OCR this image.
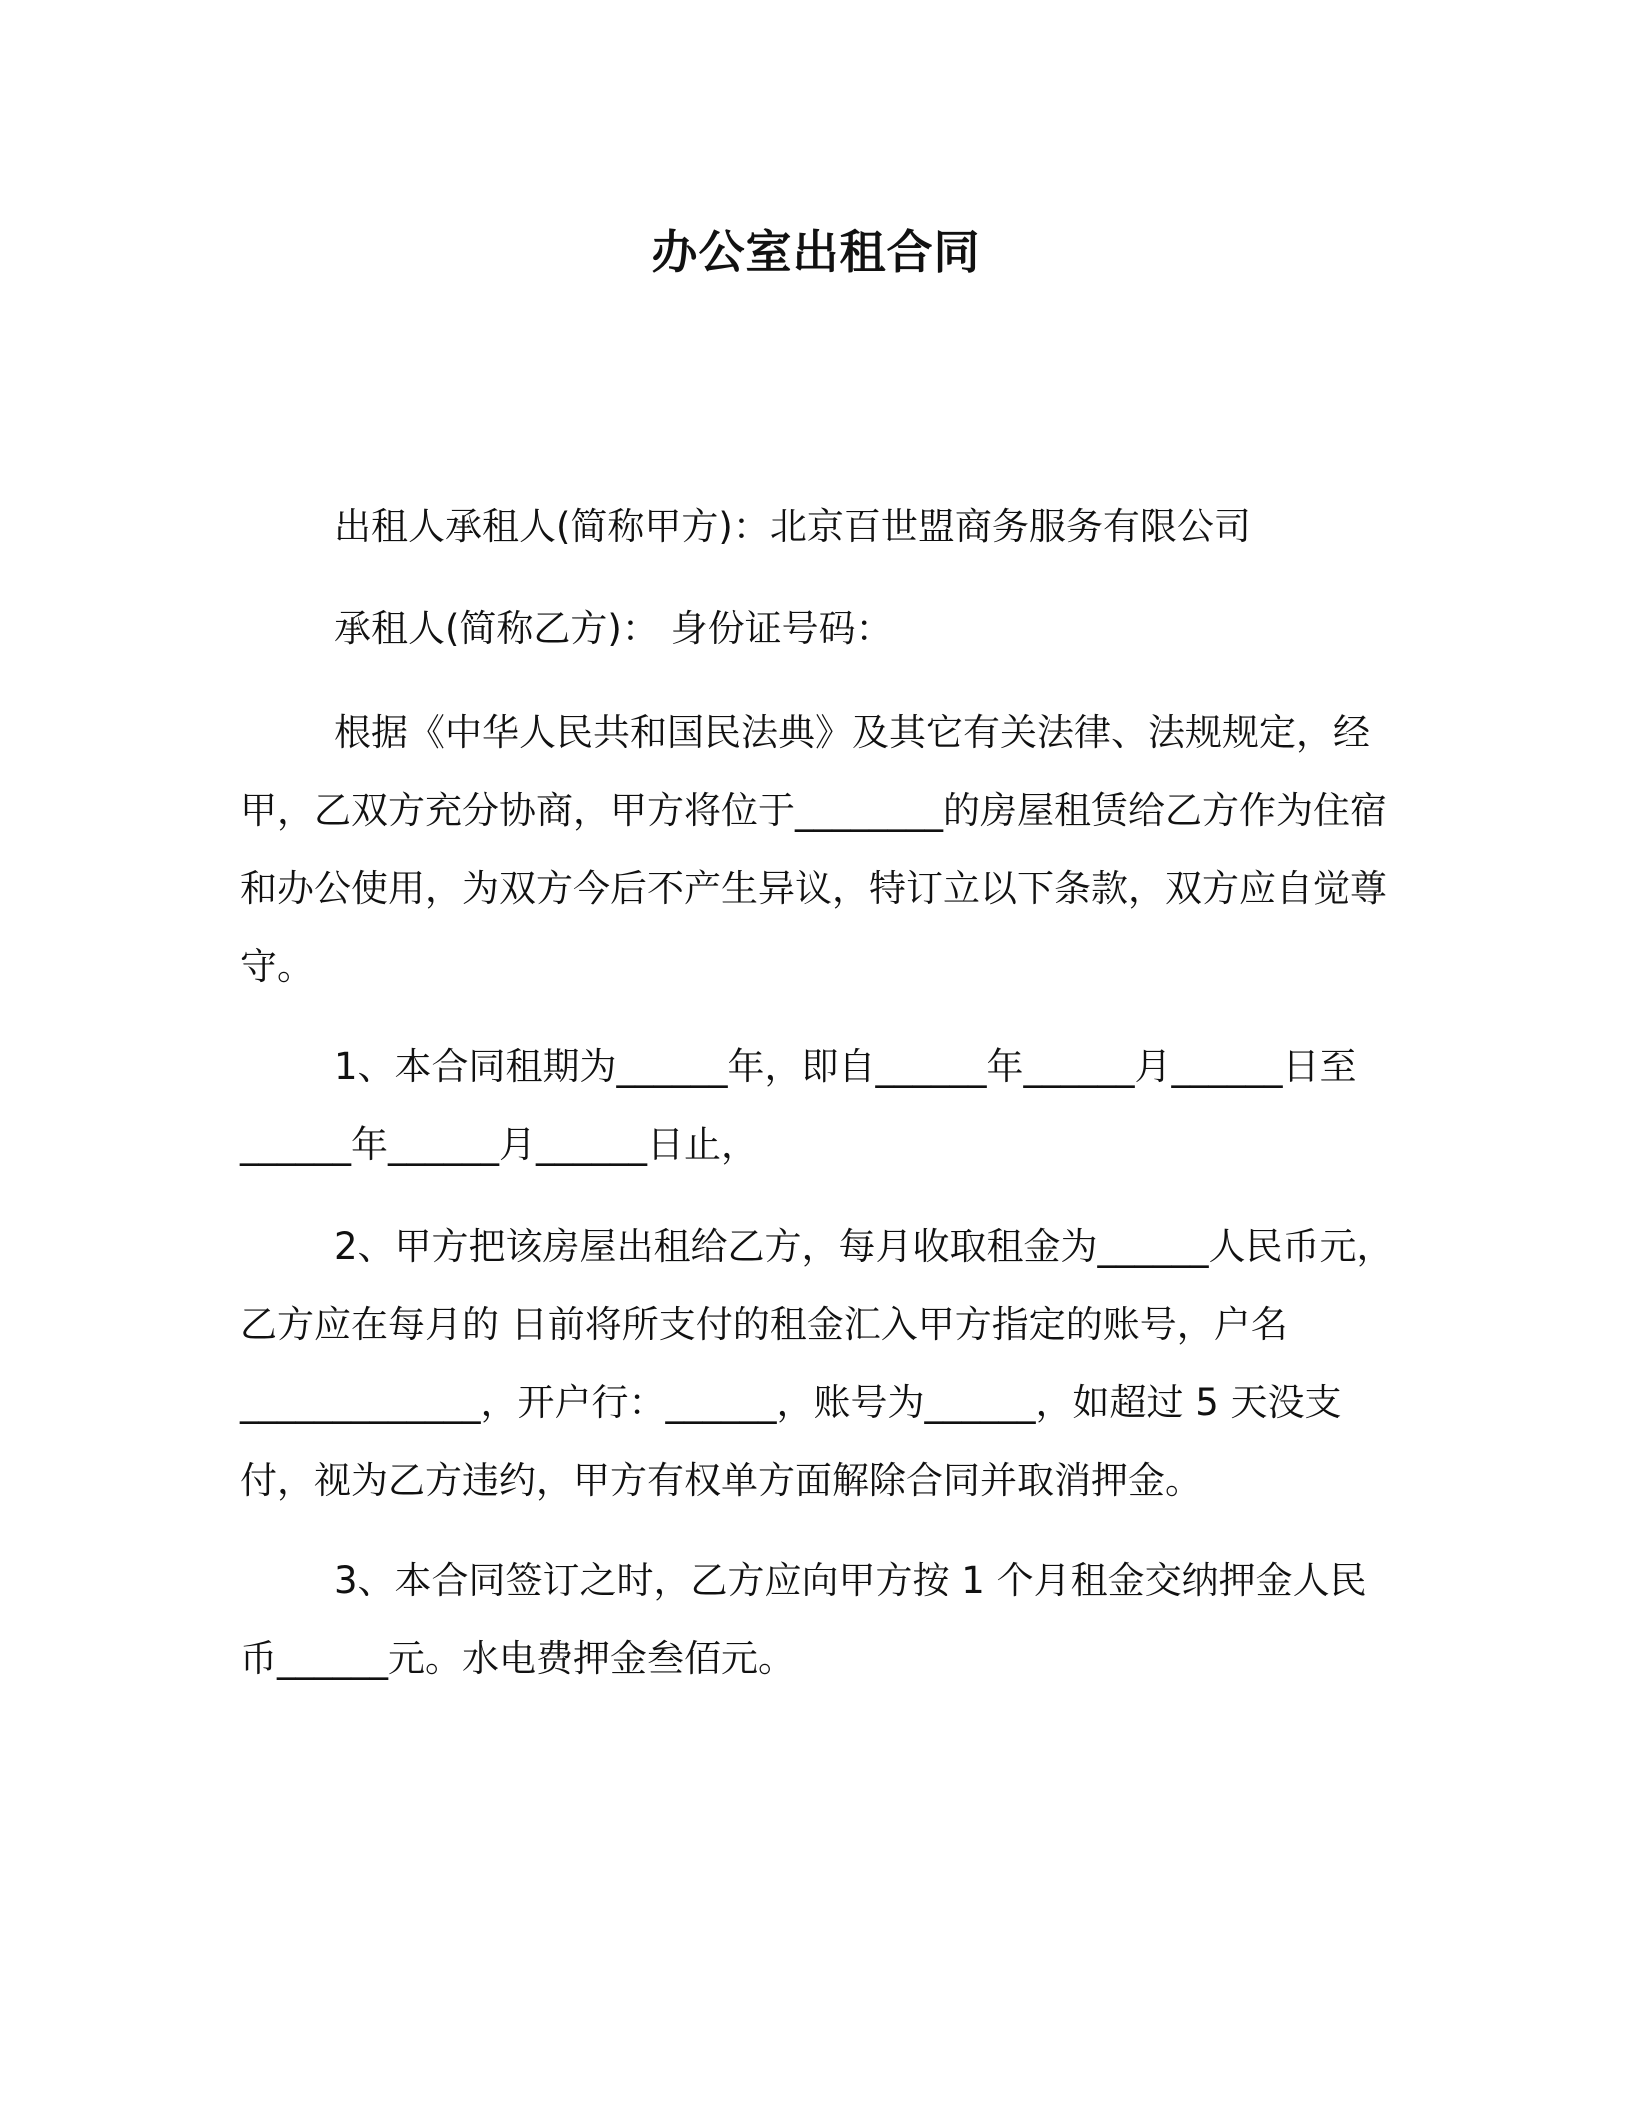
办公室出租合同

出租人承租人(简称甲方)：北京百世盟商务服务有限公司

承租人(简称乙方)： 身份证号码：

根据《中华人民共和国民法典》及其它有关法律、法规规定，经甲，乙双方充分协商，甲方将位于________的房屋租赁给乙方作为住宿和办公使用，为双方今后不产生异议，特订立以下条款，双方应自觉尊守。

1、本合同租期为______年，即自______年______月______日至______年______月______日止，

2、甲方把该房屋出租给乙方，每月收取租金为______人民币元，乙方应在每月的 日前将所支付的租金汇入甲方指定的账号，户名_____________，开户行：______，账号为______，如超过 5 天没支付，视为乙方违约，甲方有权单方面解除合同并取消押金。

3、本合同签订之时，乙方应向甲方按 1 个月租金交纳押金人民币______元。水电费押金叁佰元。
